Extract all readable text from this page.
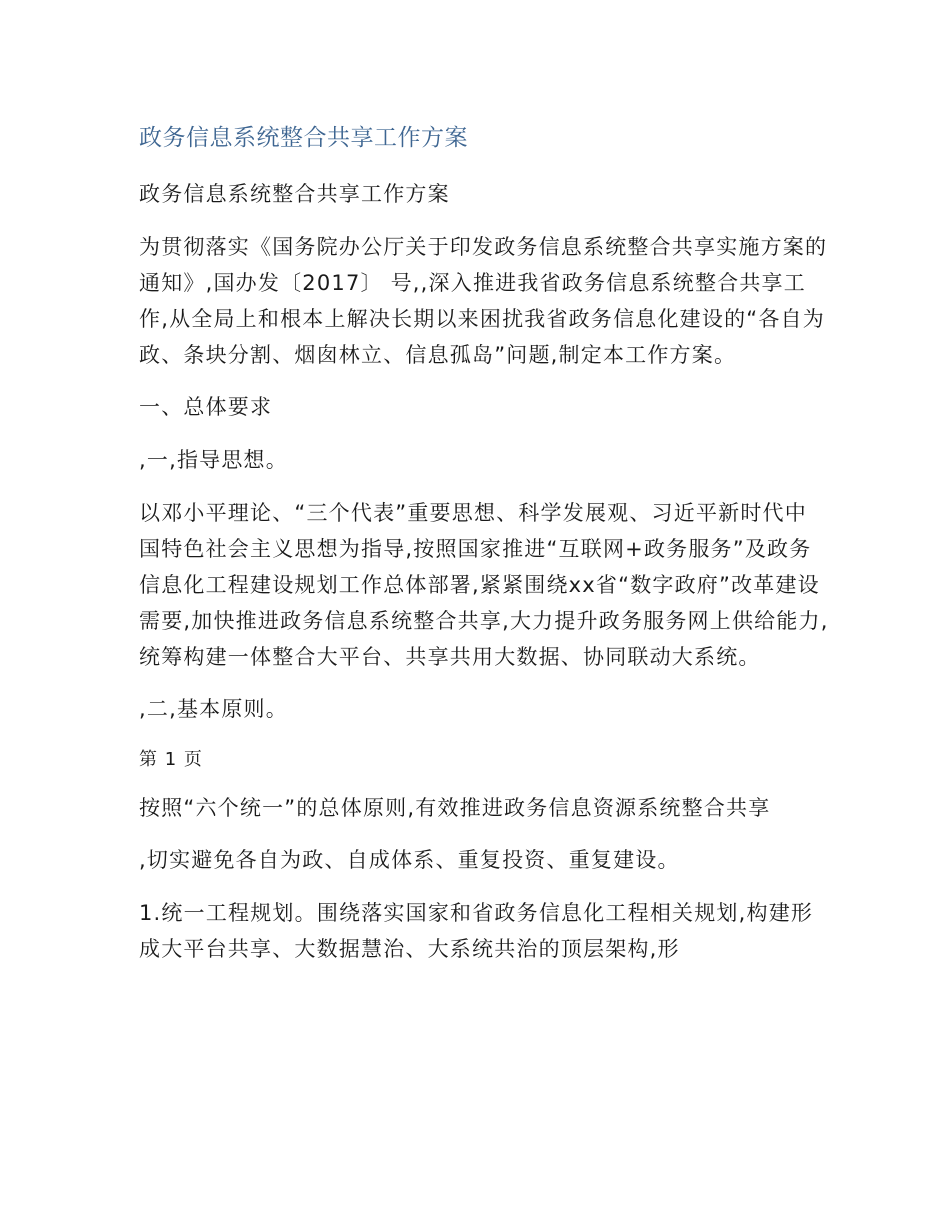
政务信息系统整合共享工作方案

政务信息系统整合共享工作方案

为贯彻落实《国务院办公厅关于印发政务信息系统整合共享实施方案的通知》,国办发〔2017〕 号,,深入推进我省政务信息系统整合共享工作,从全局上和根本上解决长期以来困扰我省政务信息化建设的“各自为政、条块分割、烟囱林立、信息孤岛”问题,制定本工作方案。

一、总体要求

,一,指导思想。

以邓小平理论、“三个代表”重要思想、科学发展观、习近平新时代中国特色社会主义思想为指导,按照国家推进“互联网+政务服务”及政务信息化工程建设规划工作总体部署,紧紧围绕xx省“数字政府”改革建设需要,加快推进政务信息系统整合共享,大力提升政务服务网上供给能力,统筹构建一体整合大平台、共享共用大数据、协同联动大系统。

,二,基本原则。

第 1 页

按照“六个统一”的总体原则,有效推进政务信息资源系统整合共享

,切实避免各自为政、自成体系、重复投资、重复建设。

1.统一工程规划。围绕落实国家和省政务信息化工程相关规划,构建形成大平台共享、大数据慧治、大系统共治的顶层架构,形
